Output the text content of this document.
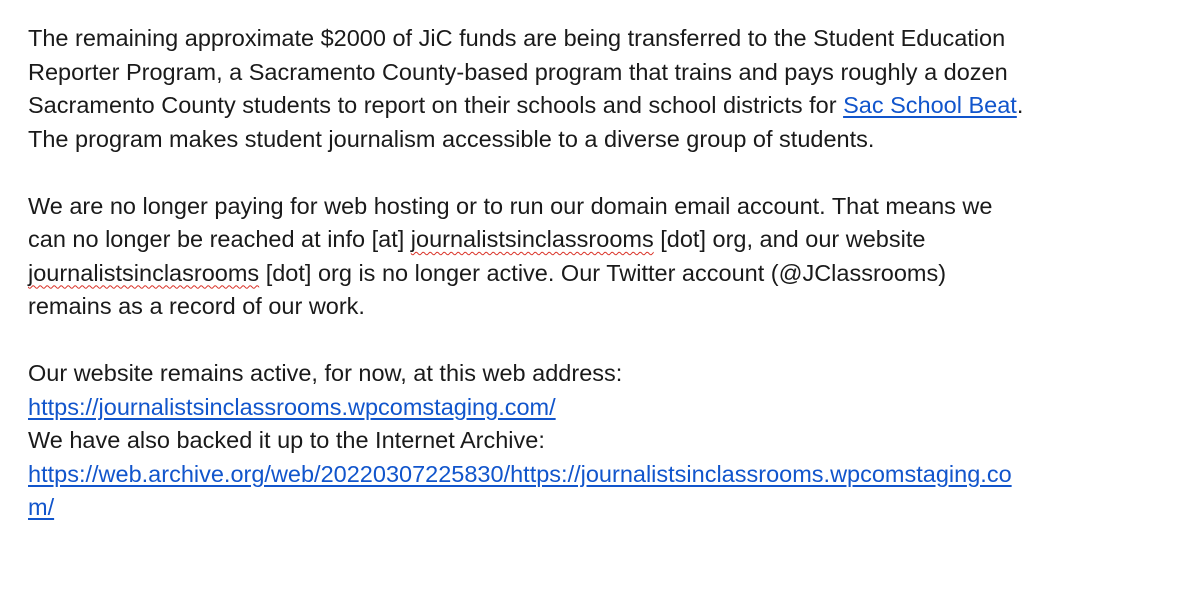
The remaining approximate $2000 of JiC funds are being transferred to the Student Education
Reporter Program, a Sacramento County-based program that trains and pays roughly a dozen
Sacramento County students to report on their schools and school districts for Sac School Beat.
The program makes student journalism accessible to a diverse group of students.

We are no longer paying for web hosting or to run our domain email account. That means we
can no longer be reached at info [at] journalistsinclassrooms [dot] org, and our website
journalistsinclasrooms [dot] org is no longer active. Our Twitter account (@JClassrooms)
remains as a record of our work.

Our website remains active, for now, at this web address:
https://journalistsinclassrooms.wpcomstaging.com/
We have also backed it up to the Internet Archive:
https://web.archive.org/web/20220307225830/https://journalistsinclassrooms.wpcomstaging.co
m/
